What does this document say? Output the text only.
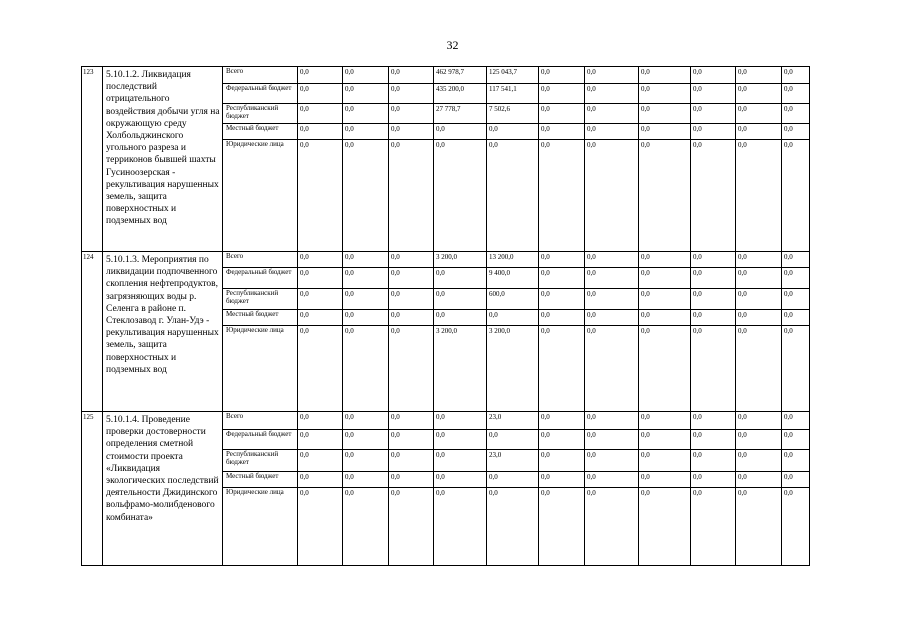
32
123	5.10.1.2. Ликвидация последствий отрицательного воздействия добычи угля на окружающую среду Холбольджинского угольного разреза и терриконов бывшей шахты Гусиноозерская - рекультивация нарушенных земель, защита поверхностных и подземных вод	Всего	0,0	0,0	0,0	462 978,7	125 043,7	0,0	0,0	0,0	0,0	0,0	0,0
		Федеральный бюджет	0,0	0,0	0,0	435 200,0	117 541,1	0,0	0,0	0,0	0,0	0,0	0,0
		Республиканский бюджет	0,0	0,0	0,0	27 778,7	7 502,6	0,0	0,0	0,0	0,0	0,0	0,0
		Местный бюджет	0,0	0,0	0,0	0,0	0,0	0,0	0,0	0,0	0,0	0,0	0,0
		Юридические лица	0,0	0,0	0,0	0,0	0,0	0,0	0,0	0,0	0,0	0,0	0,0
124	5.10.1.3. Мероприятия по ликвидации подпочвенного скопления нефтепродуктов, загрязняющих воды р. Селенга в районе п. Стеклозавод г. Улан-Удэ - рекультивация нарушенных земель, защита поверхностных и подземных вод	Всего	0,0	0,0	0,0	3 200,0	13 200,0	0,0	0,0	0,0	0,0	0,0	0,0
		Федеральный бюджет	0,0	0,0	0,0	0,0	9 400,0	0,0	0,0	0,0	0,0	0,0	0,0
		Республиканский бюджет	0,0	0,0	0,0	0,0	600,0	0,0	0,0	0,0	0,0	0,0	0,0
		Местный бюджет	0,0	0,0	0,0	0,0	0,0	0,0	0,0	0,0	0,0	0,0	0,0
		Юридические лица	0,0	0,0	0,0	3 200,0	3 200,0	0,0	0,0	0,0	0,0	0,0	0,0
125	5.10.1.4. Проведение проверки достоверности определения сметной стоимости проекта «Ликвидация экологических последствий деятельности Джидинского вольфрамо-молибденового комбината»	Всего	0,0	0,0	0,0	0,0	23,0	0,0	0,0	0,0	0,0	0,0	0,0
		Федеральный бюджет	0,0	0,0	0,0	0,0	0,0	0,0	0,0	0,0	0,0	0,0	0,0
		Республиканский бюджет	0,0	0,0	0,0	0,0	23,0	0,0	0,0	0,0	0,0	0,0	0,0
		Местный бюджет	0,0	0,0	0,0	0,0	0,0	0,0	0,0	0,0	0,0	0,0	0,0
		Юридические лица	0,0	0,0	0,0	0,0	0,0	0,0	0,0	0,0	0,0	0,0	0,0
